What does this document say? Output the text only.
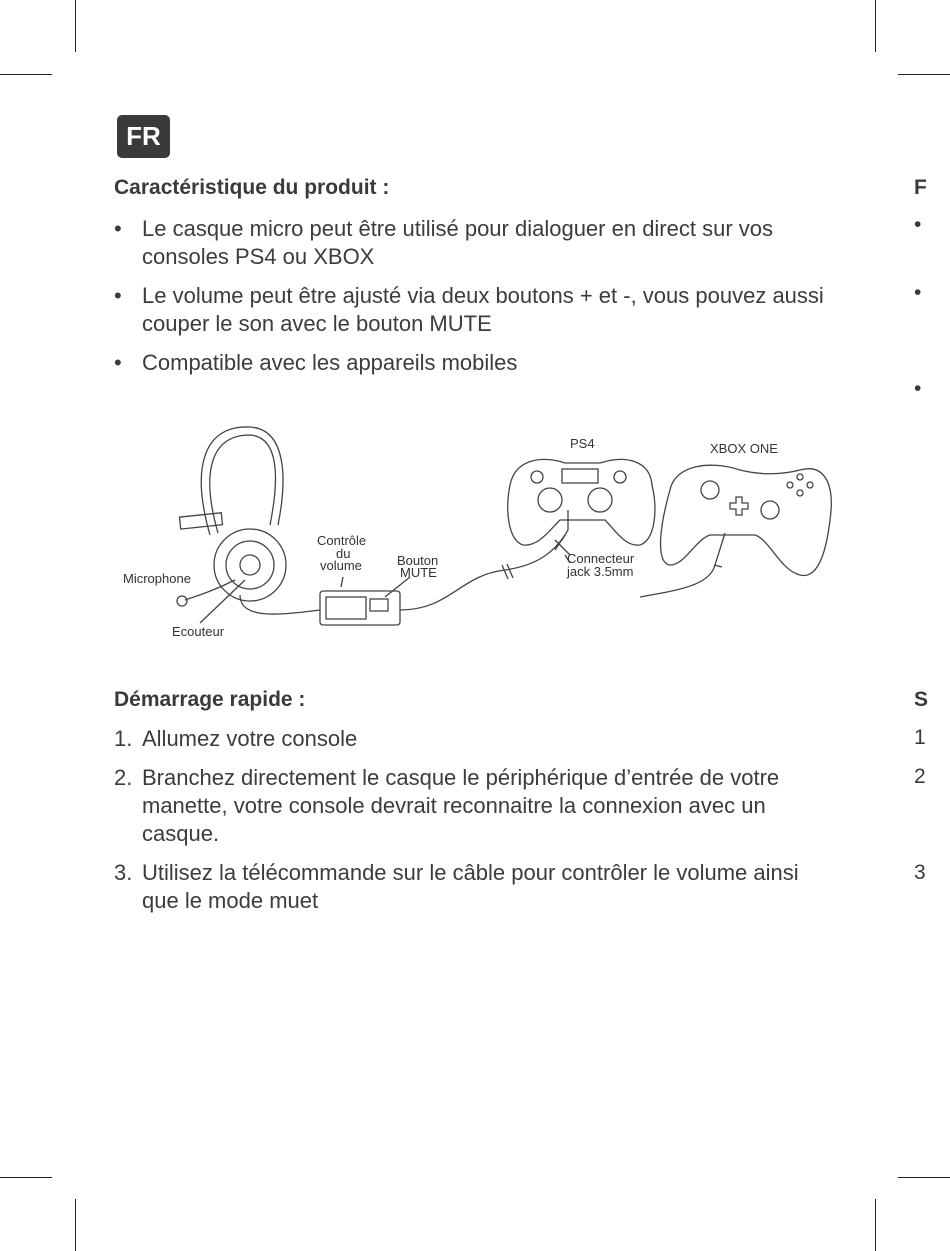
FR
Caractéristique du produit :
• Le casque micro peut être utilisé pour dialoguer en direct sur vos consoles PS4 ou XBOX
• Le volume peut être ajusté via deux boutons + et -, vous pouvez aussi couper le son avec le bouton MUTE
• Compatible avec les appareils mobiles
PS4	XBOX ONE
Contrôle
du
volume	Bouton
MUTE
Connecteur
jack 3.5mm
Microphone
Ecouteur
Démarrage rapide :
1. Allumez votre console
2. Branchez directement le casque le périphérique d’entrée de votre manette, votre console devrait reconnaitre la connexion avec un casque.
3. Utilisez la télécommande sur le câble pour contrôler le volume ainsi que le mode muet
F
•
•
•
S
1
2
3
